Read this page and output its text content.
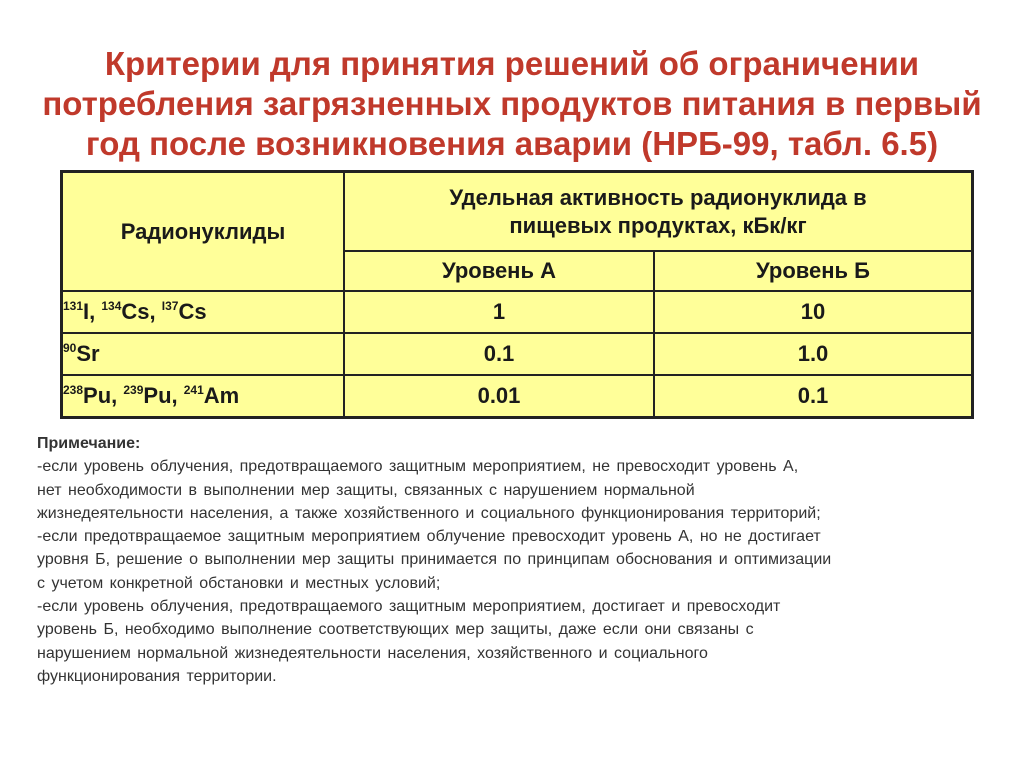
Критерии для принятия решений об ограничении
потребления загрязненных продуктов питания в первый
год после возникновения аварии (НРБ-99, табл. 6.5)
Радионуклиды	Удельная активность радионуклида в
пищевых продуктах, кБк/кг	

	Уровень А	Уровень Б
$^{131}$I, $^{134}$Cs, $^{I37}$Cs	1	10
$^{90}$Sr	0.1	1.0
$^{238}$Pu, $^{239}$Pu, $^{241}$Am	0.01	0.1
Примечание:
-если уровень облучения, предотвращаемого защитным мероприятием, не превосходит уровень А,
нет необходимости в выполнении мер защиты, связанных с нарушением нормальной
жизнедеятельности населения, а также хозяйственного и социального функционирования территорий;
-если предотвращаемое защитным мероприятием облучение превосходит уровень А, но не достигает
уровня Б, решение о выполнении мер защиты принимается по принципам обоснования и оптимизации
с учетом конкретной обстановки и местных условий;
-если уровень облучения, предотвращаемого защитным мероприятием, достигает и превосходит
уровень Б, необходимо выполнение соответствующих мер защиты, даже если они связаны с
нарушением нормальной жизнедеятельности населения, хозяйственного и социального
функционирования территории.
